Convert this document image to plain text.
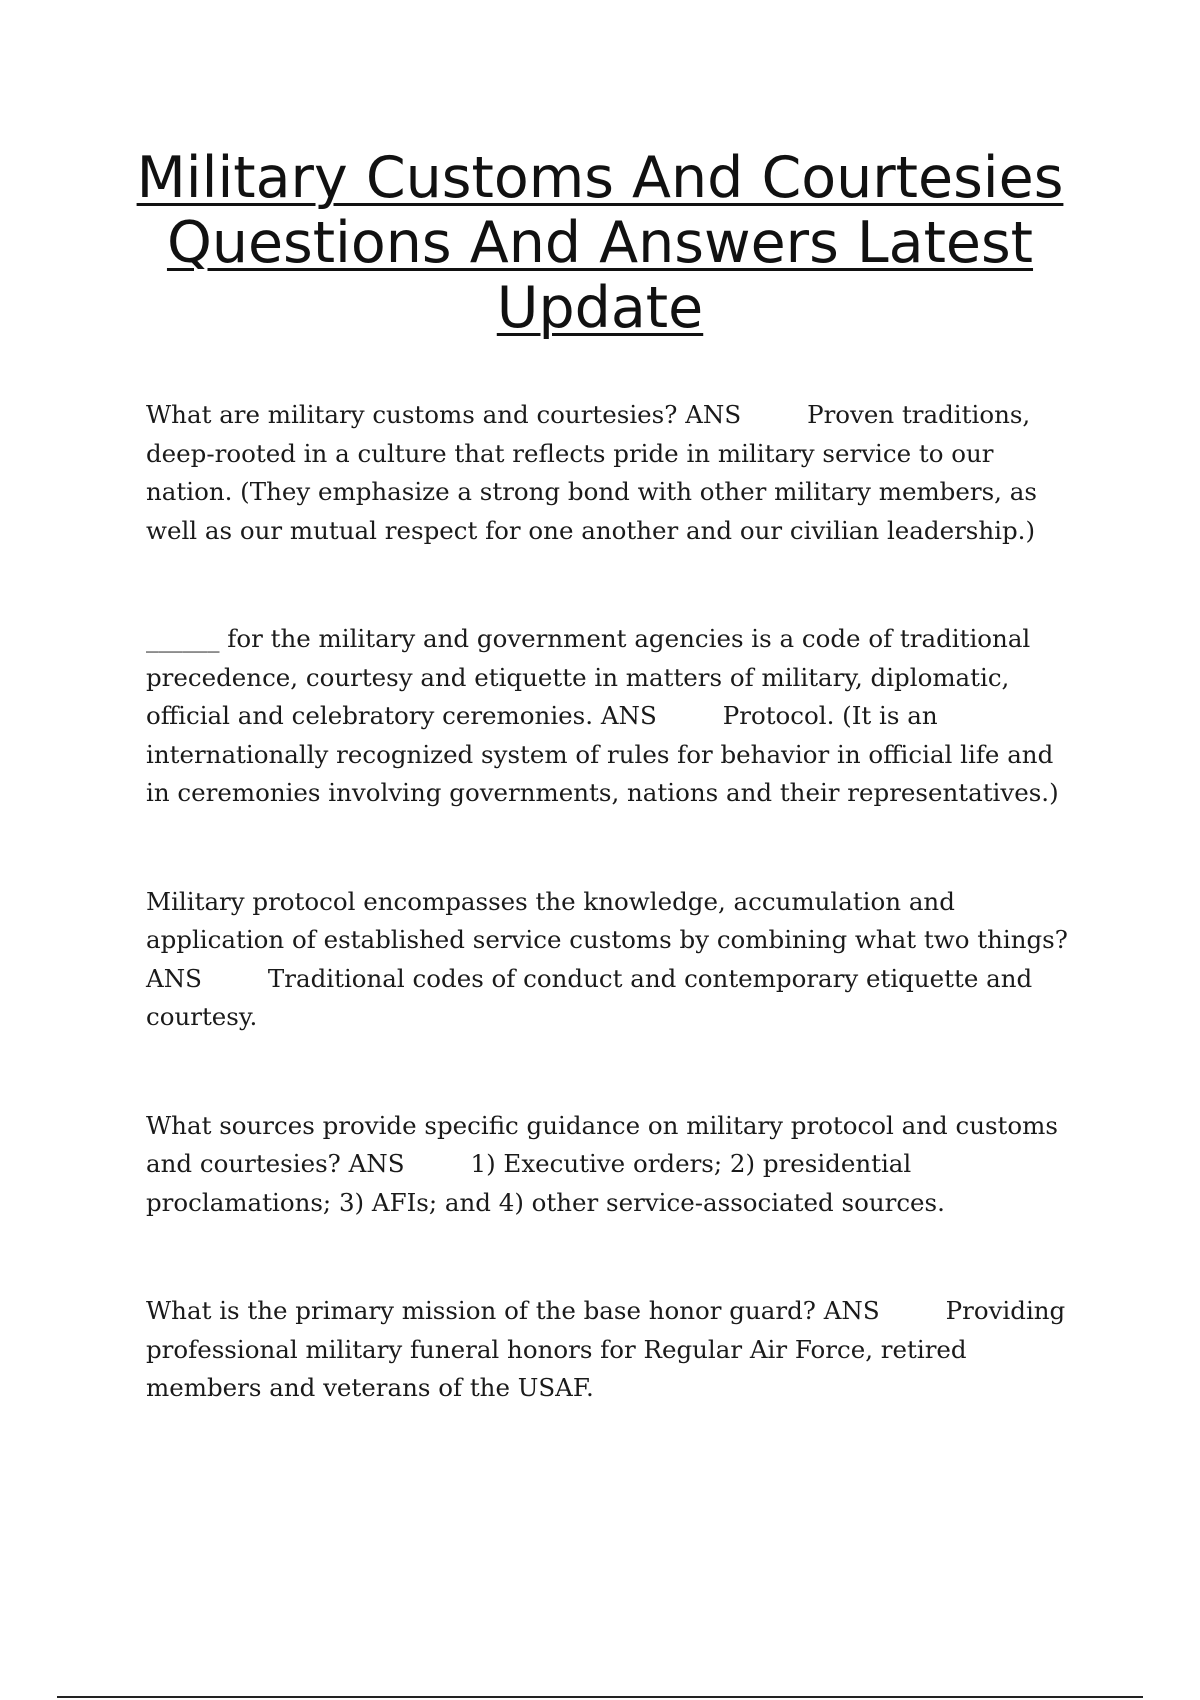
Military Customs And Courtesies Questions And Answers Latest Update

What are military customs and courtesies? ANS	Proven traditions, deep-rooted in a culture that reflects pride in military service to our nation. (They emphasize a strong bond with other military members, as well as our mutual respect for one another and our civilian leadership.)

______ for the military and government agencies is a code of traditional precedence, courtesy and etiquette in matters of military, diplomatic, official and celebratory ceremonies. ANS	Protocol. (It is an internationally recognized system of rules for behavior in official life and in ceremonies involving governments, nations and their representatives.)

Military protocol encompasses the knowledge, accumulation and application of established service customs by combining what two things? ANS	Traditional codes of conduct and contemporary etiquette and courtesy.

What sources provide specific guidance on military protocol and customs and courtesies? ANS	1) Executive orders; 2) presidential proclamations; 3) AFIs; and 4) other service-associated sources.

What is the primary mission of the base honor guard? ANS	Providing professional military funeral honors for Regular Air Force, retired members and veterans of the USAF.
